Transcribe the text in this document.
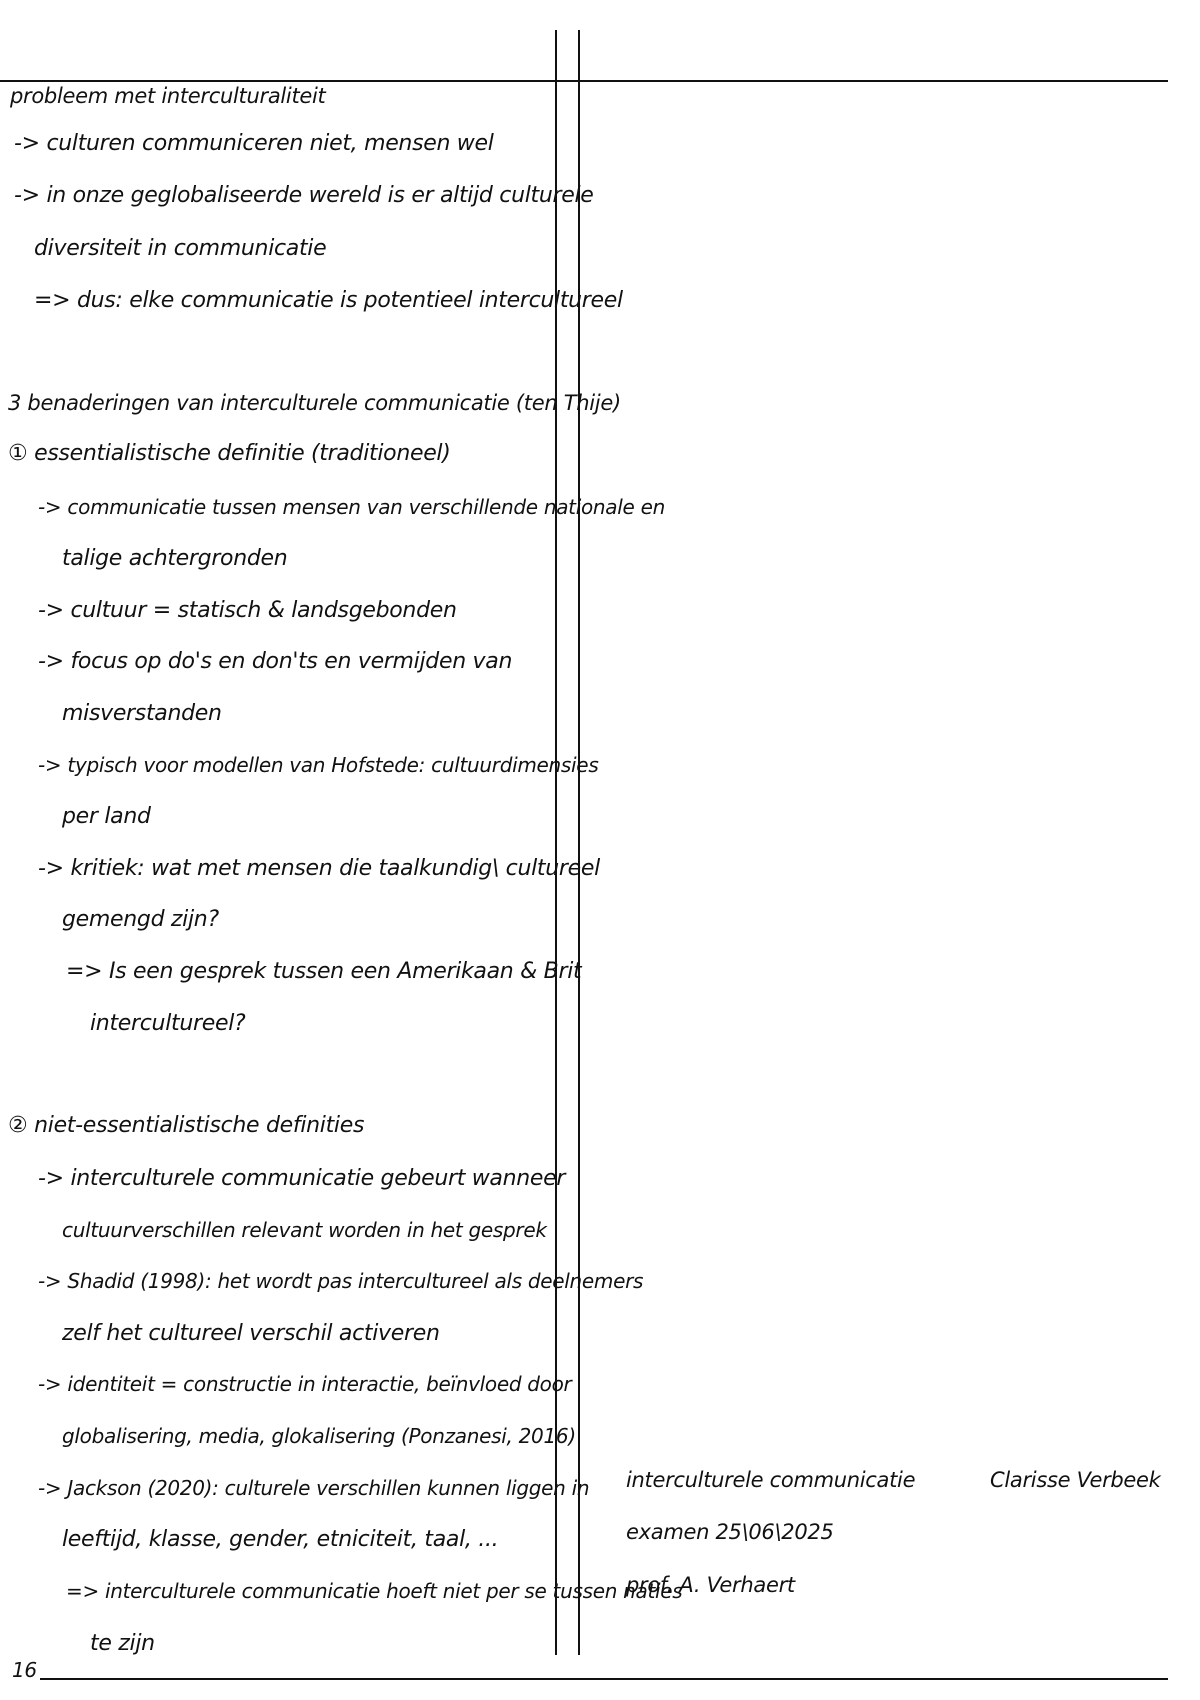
probleem met interculturaliteit
-> culturen communiceren niet, mensen wel
-> in onze geglobaliseerde wereld is er altijd culturele
diversiteit in communicatie
=> dus: elke communicatie is potentieel intercultureel
3 benaderingen van interculturele communicatie (ten Thije)
① essentialistische definitie (traditioneel)
-> communicatie tussen mensen van verschillende nationale en
talige achtergronden
-> cultuur = statisch & landsgebonden
-> focus op do's en don'ts en vermijden van
misverstanden
-> typisch voor modellen van Hofstede: cultuurdimensies
per land
-> kritiek: wat met mensen die taalkundig\ cultureel
gemengd zijn?
=> Is een gesprek tussen een Amerikaan & Brit
intercultureel?
② niet-essentialistische definities
-> interculturele communicatie gebeurt wanneer
cultuurverschillen relevant worden in het gesprek
-> Shadid (1998): het wordt pas intercultureel als deelnemers
zelf het cultureel verschil activeren
-> identiteit = constructie in interactie, beïnvloed door
globalisering, media, glokalisering (Ponzanesi, 2016)
-> Jackson (2020): culturele verschillen kunnen liggen in
leeftijd, klasse, gender, etniciteit, taal, ...
=> interculturele communicatie hoeft niet per se tussen naties
te zijn
16
interculturele communicatie	Clarisse Verbeek
examen 25\06\2025
prof. A. Verhaert
